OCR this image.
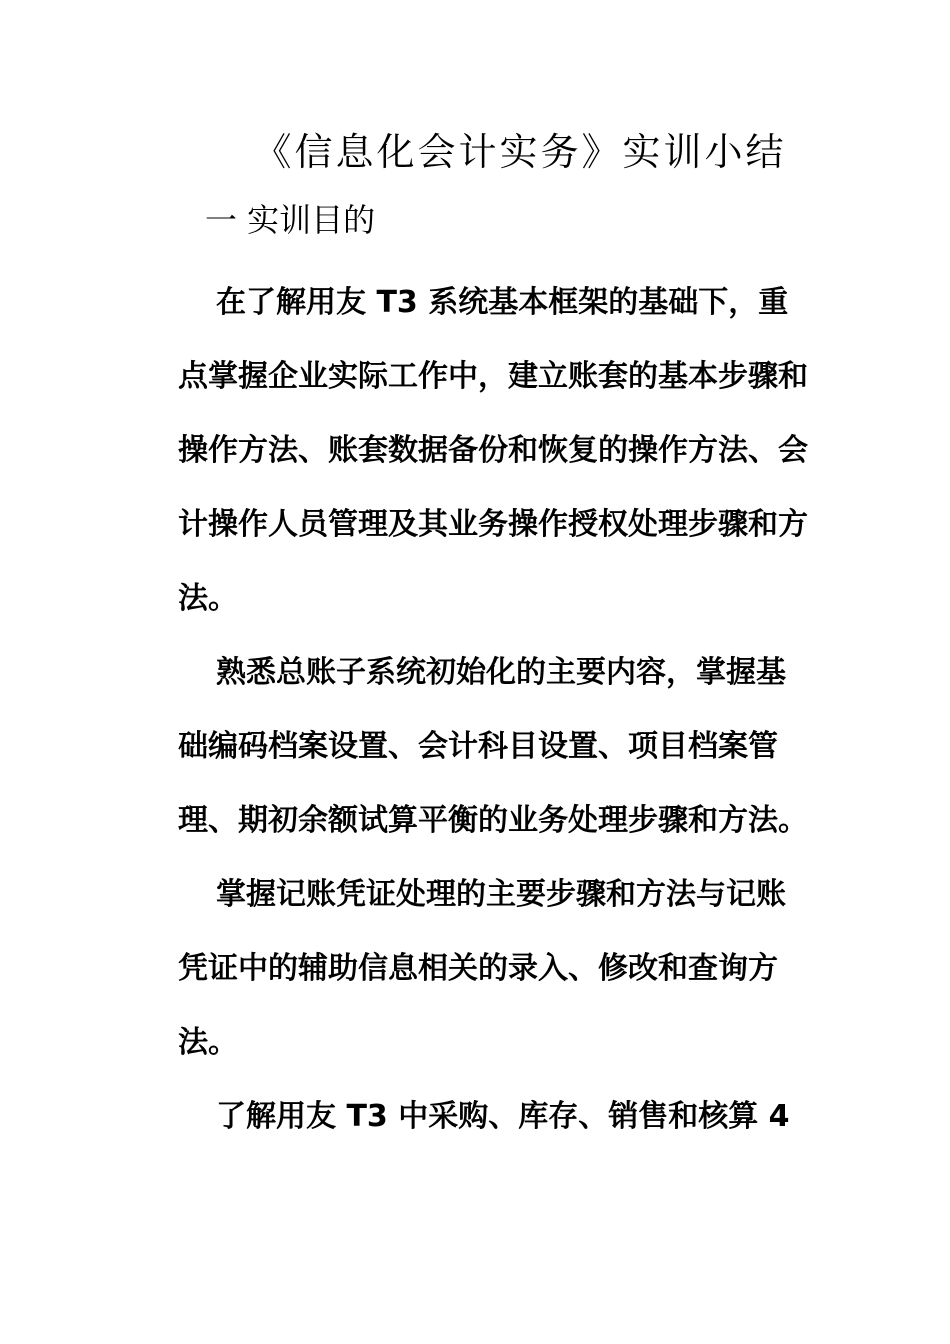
《信息化会计实务》实训小结
一 实训目的

在了解用友 T3 系统基本框架的基础下，重点掌握企业实际工作中，建立账套的基本步骤和操作方法、账套数据备份和恢复的操作方法、会计操作人员管理及其业务操作授权处理步骤和方法。

熟悉总账子系统初始化的主要内容，掌握基础编码档案设置、会计科目设置、项目档案管理、期初余额试算平衡的业务处理步骤和方法。

掌握记账凭证处理的主要步骤和方法与记账凭证中的辅助信息相关的录入、修改和查询方法。

了解用友 T3 中采购、库存、销售和核算 4
